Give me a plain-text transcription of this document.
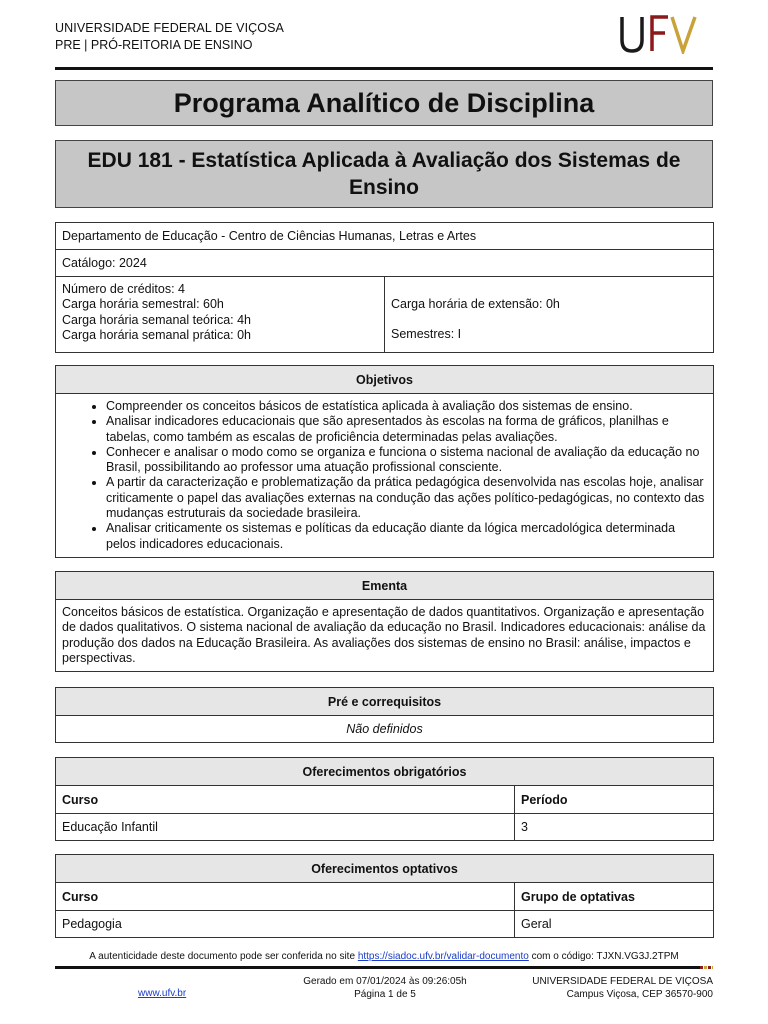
UNIVERSIDADE FEDERAL DE VIÇOSA
PRE | PRÓ-REITORIA DE ENSINO
Programa Analítico de Disciplina
EDU 181 - Estatística Aplicada à Avaliação dos Sistemas de Ensino
Departamento de Educação - Centro de Ciências Humanas, Letras e Artes
Catálogo: 2024

Número de créditos: 4
Carga horária semestral: 60h
Carga horária semanal teórica: 4h
Carga horária semanal prática: 0h

Carga horária de extensão: 0h
Semestres: I
Objetivos

• Compreender os conceitos básicos de estatística aplicada à avaliação dos sistemas de ensino.
• Analisar indicadores educacionais que são apresentados às escolas na forma de gráficos, planilhas e tabelas, como também as escalas de proficiência determinadas pelas avaliações.
• Conhecer e analisar o modo como se organiza e funciona o sistema nacional de avaliação da educação no Brasil, possibilitando ao professor uma atuação profissional consciente.
• A partir da caracterização e problematização da prática pedagógica desenvolvida nas escolas hoje, analisar criticamente o papel das avaliações externas na condução das ações político-pedagógicas, no contexto das mudanças estruturais da sociedade brasileira.
• Analisar criticamente os sistemas e políticas da educação diante da lógica mercadológica determinada pelos indicadores educacionais.
Ementa
Conceitos básicos de estatística. Organização e apresentação de dados quantitativos. Organização e apresentação de dados qualitativos. O sistema nacional de avaliação da educação no Brasil. Indicadores educacionais: análise da produção dos dados na Educação Brasileira. As avaliações dos sistemas de ensino no Brasil: análise, impactos e perspectivas.
Pré e correquisitos
Não definidos
Oferecimentos obrigatórios	
Curso	Período
Educação Infantil	3
Oferecimentos optativos	
Curso	Grupo de optativas
Pedagogia	Geral
A autenticidade deste documento pode ser conferida no site https://siadoc.ufv.br/validar-documento com o código: TJXN.VG3J.2TPM
www.ufv.br
Gerado em 07/01/2024 às 09:26:05h
Página 1 de 5
UNIVERSIDADE FEDERAL DE VIÇOSA
Campus Viçosa, CEP 36570-900
